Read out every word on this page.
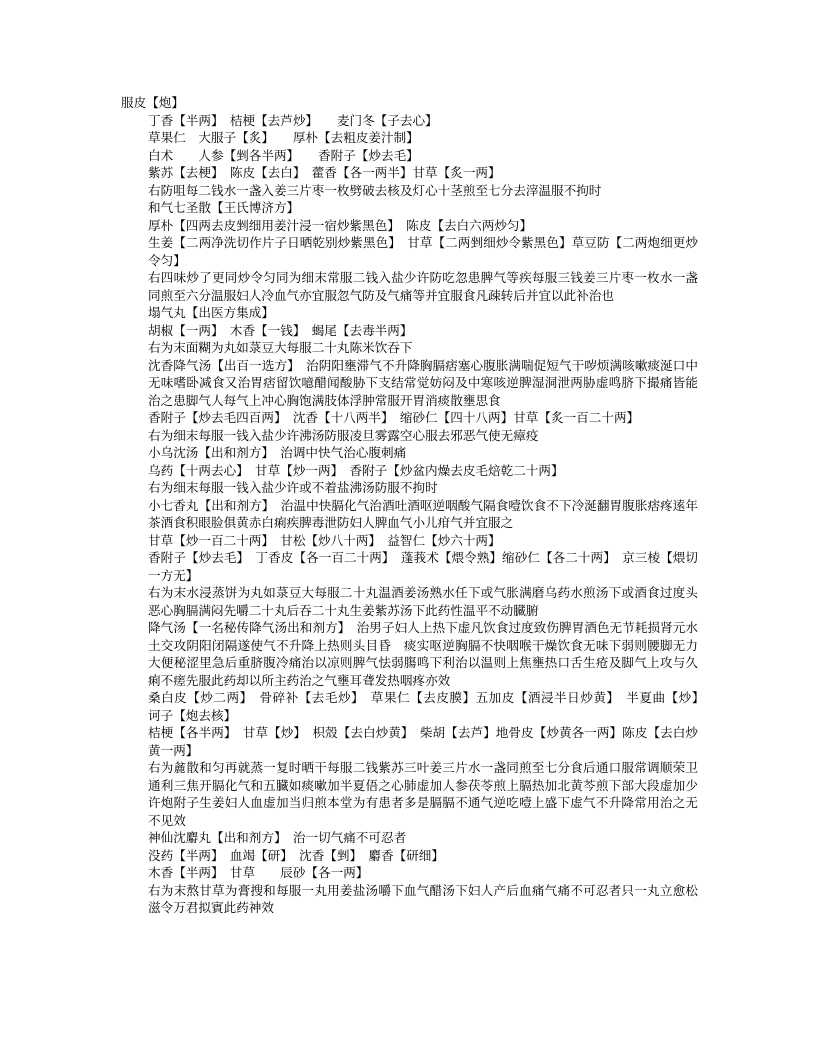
服皮【炮】
丁香【半两】　桔梗【去芦炒】　　麦门冬【子去心】
草果仁　大服子【炙】　　厚朴【去粗皮姜汁制】
白术　　人参【剉各半两】　　香附子【炒去毛】
紫苏【去梗】　陈皮【去白】　藿香【各一两半】甘草【炙一两】
右防咀每二钱水一盏入姜三片枣一枚劈破去核及灯心十茎煎至七分去滓温服不拘时
和气七圣散【王氏博济方】
厚朴【四两去皮剉细用姜汁浸一宿炒紫黑色】　陈皮【去白六两炒匀】
生姜【二两净洗切作片子日晒乾别炒紫黑色】　甘草【二两剉细炒令紫黑色】草豆防【二两炮细更炒令匀】
右四味炒了更同炒令匀同为细末常服二钱入盐少许防吃忽患脾气等疾每服三钱姜三片枣一枚水一盏同煎至六分温服妇人冷血气亦宜服忽气防及气痛等并宜服食凡疎转后并宜以此补治也
塌气丸【出医方集成】
胡椒【一两】　木香【一钱】　蝎尾【去毒半两】
右为末面糊为丸如菉豆大每服二十丸陈米饮吞下
沈香降气汤【出百一选方】　治阴阳壅滞气不升降胸膈痞塞心腹胀满喘促短气干哕烦满咳嗽痰涎口中无味嗜卧减食又治胃痞留饮噫醋闻酸胁下支结常觉妨闷及中寒咳逆脾湿洞泄两胁虚鸣脐下撮痛皆能治之患脚气人每气上冲心胸饱满肢体浮肿常服开胃消痰散壅思食
香附子【炒去毛四百两】　沈香【十八两半】　缩砂仁【四十八两】甘草【炙一百二十两】
右为细末每服一钱入盐少许沸汤防服凌旦雾露空心服去邪恶气使无瘴疫
小乌沈汤【出和剂方】　治调中快气治心腹刺痛
乌药【十两去心】　甘草【炒一两】　香附子【炒盆内燥去皮毛焙乾二十两】
右为细末每服一钱入盐少许或不着盐沸汤防服不拘时
小七香丸【出和剂方】　治温中快膈化气治酒吐酒呕逆咽酸气隔食噎饮食不下冷涎翻胃腹胀痞疼逺年茶酒食积眼脸俱黄赤白痢疾脾毒泄防妇人脾血气小儿疳气并宜服之
甘草【炒一百二十两】　甘松【炒八十两】　益智仁【炒六十两】
香附子【炒去毛】　丁香皮【各一百二十两】　蓬莪术【煨令熟】缩砂仁【各二十两】　京三棱【煨切一方无】
右为末水浸蒸饼为丸如菉豆大每服二十丸温酒姜汤熟水任下或气胀满磨乌药水煎汤下或酒食过度头　恶心胸膈满闷先嚼二十丸后吞二十丸生姜紫苏汤下此药性温平不动臓腑
降气汤【一名秘传降气汤出和剂方】　治男子妇人上热下虚凡饮食过度致伤脾胃酒色无节耗损肾元水土交攻阴阳闭隔遂使气不升降上热则头目昏　痰实呕逆胸膈不快咽喉干燥饮食无味下弱则腰脚无力大便秘涩里急后重脐腹冷痛治以凉则脾气怯弱膓鸣下利治以温则上焦壅热口舌生疮及脚气上攻与久痢不瘥先服此药却以所主药治之气壅耳聋发热咽疼亦效
桑白皮【炒二两】　骨碎补【去毛炒】　草果仁【去皮膜】五加皮【酒浸半日炒黄】　半夏曲【炒】　诃子【炮去核】
桔梗【各半两】　甘草【炒】　枳殼【去白炒黄】　柴胡【去芦】地骨皮【炒黄各一两】陈皮【去白炒黄一两】
右为麄散和匀再就蒸一复时晒干每服二钱紫苏三叶姜三片水一盏同煎至七分食后通口服常调顺荣卫通利三焦开膈化气和五臓如痰嗽加半夏俉之心肺虚加人参茯苓煎上膈热加北黄芩煎下部大段虚加少许炮附子生姜妇人血虚加当归煎本堂为有患者多是膈膈不通气逆吃噎上盛下虚气不升降常用治之无不见效
神仙沈麝丸【出和剂方】　治一切气痛不可忍者
没药【半两】　血竭【研】　沈香【剉】　麝香【研细】
木香【半两】　甘草　　辰砂【各一两】
右为末熬甘草为膏搜和每服一丸用姜盐汤嚼下血气醋汤下妇人产后血痛气痛不可忍者只一丸立愈松滋令万君拟賓此药神效
